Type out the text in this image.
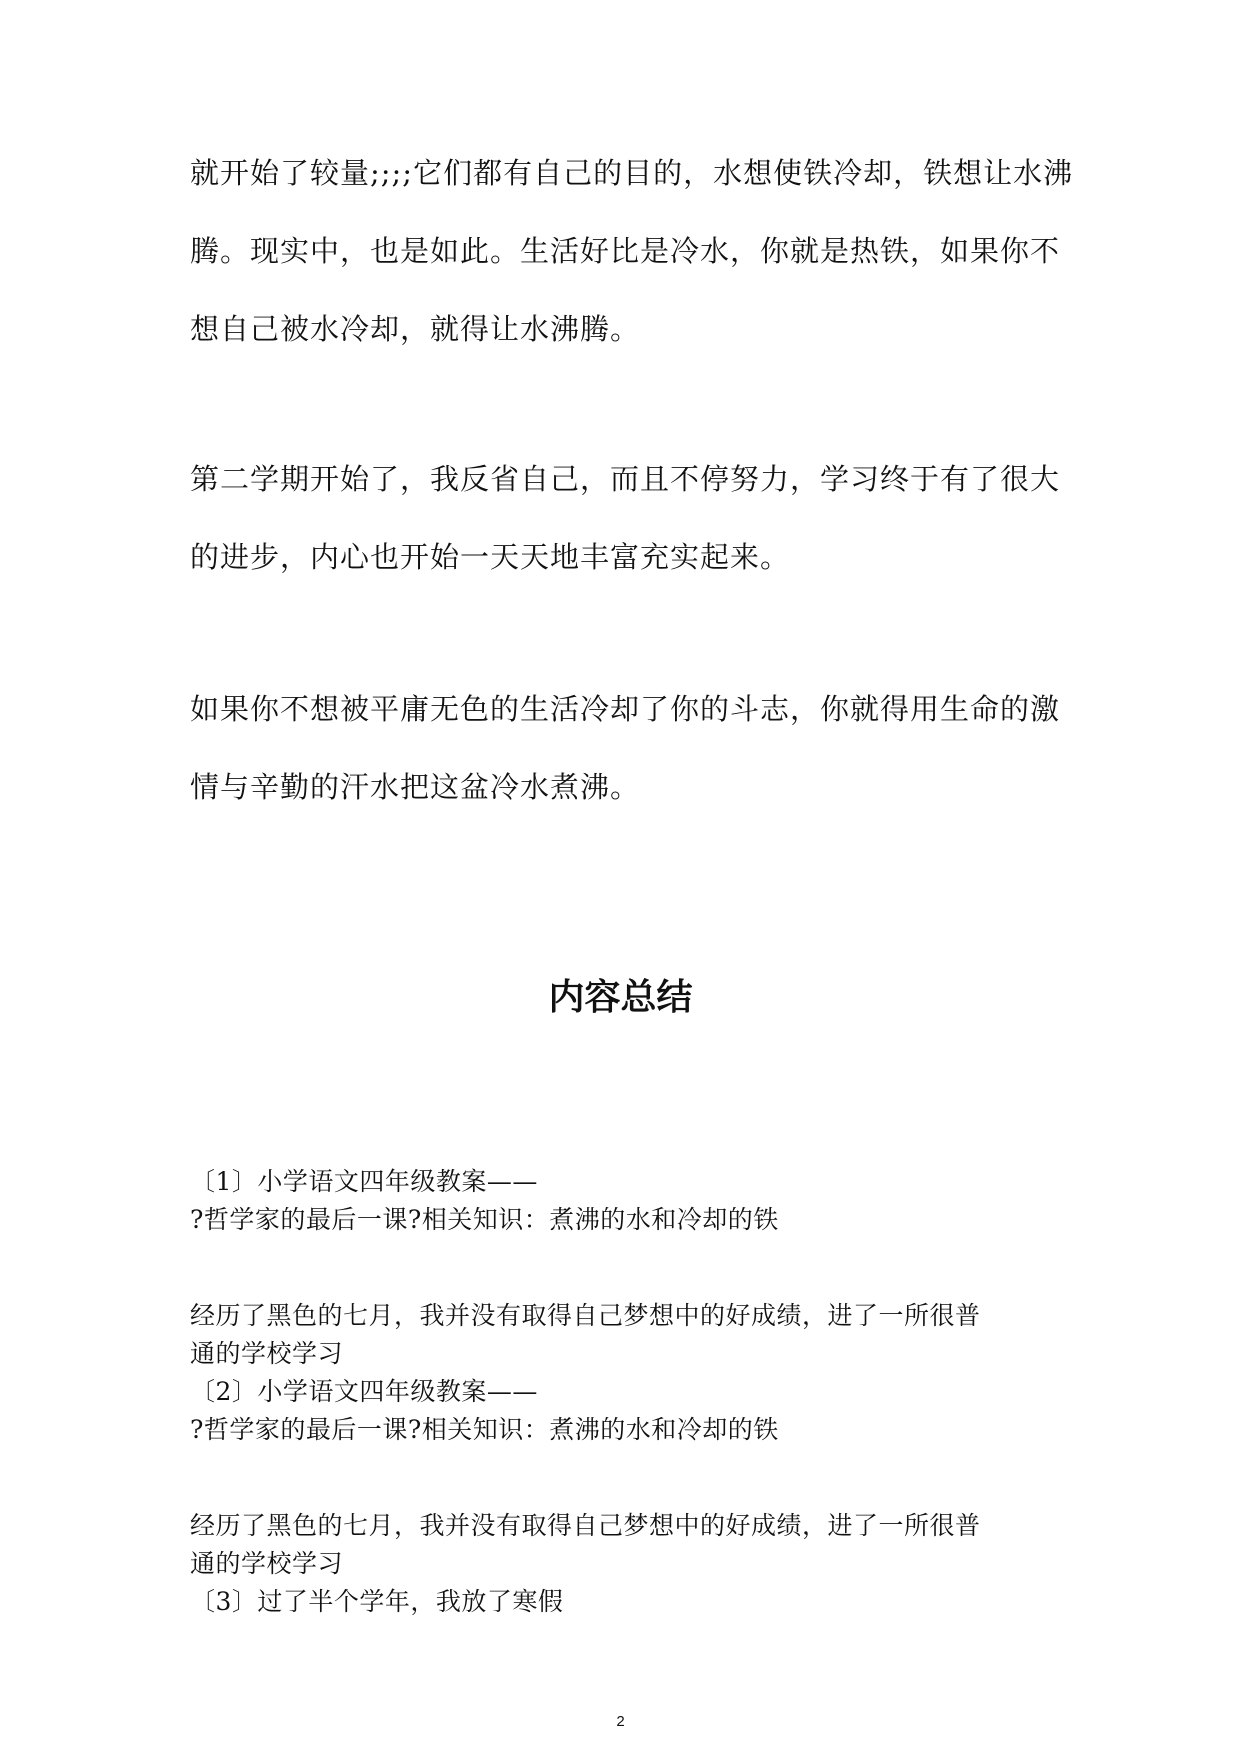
就开始了较量;;;;它们都有自己的目的，水想使铁冷却，铁想让水沸
腾。现实中，也是如此。生活好比是冷水，你就是热铁，如果你不
想自己被水冷却，就得让水沸腾。

第二学期开始了，我反省自己，而且不停努力，学习终于有了很大
的进步，内心也开始一天天地丰富充实起来。

如果你不想被平庸无色的生活冷却了你的斗志，你就得用生命的激
情与辛勤的汗水把这盆冷水煮沸。

内容总结

〔1〕小学语文四年级教案——
?哲学家的最后一课?相关知识：煮沸的水和冷却的铁

经历了黑色的七月，我并没有取得自己梦想中的好成绩，进了一所很普
通的学校学习
〔2〕小学语文四年级教案——
?哲学家的最后一课?相关知识：煮沸的水和冷却的铁

经历了黑色的七月，我并没有取得自己梦想中的好成绩，进了一所很普
通的学校学习
〔3〕过了半个学年，我放了寒假

2
